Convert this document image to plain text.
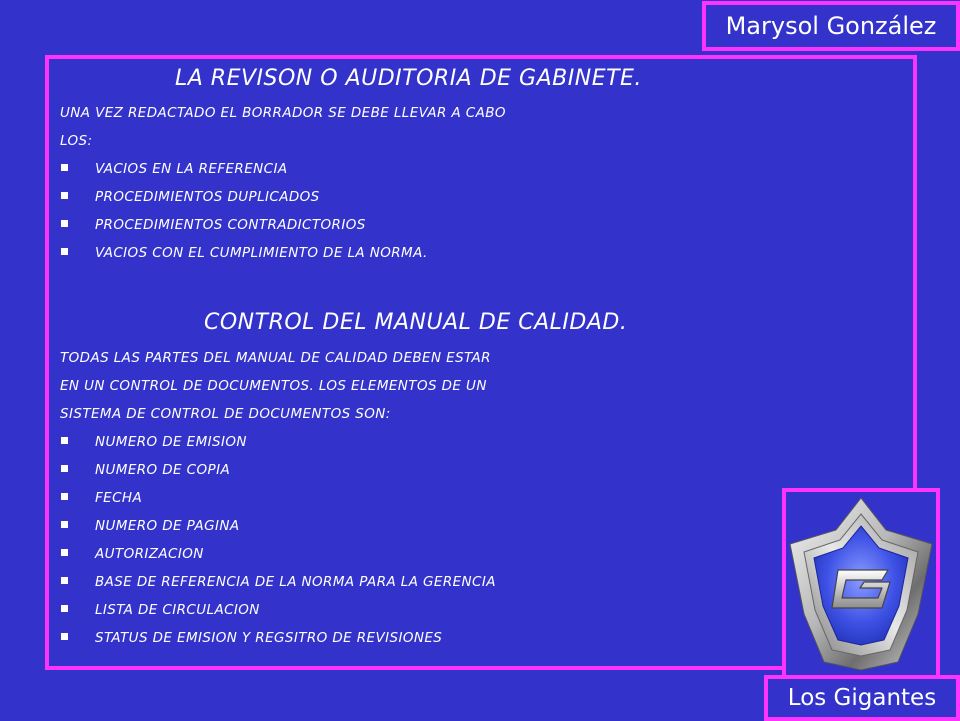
Marysol González
LA REVISON O AUDITORIA DE GABINETE.
UNA VEZ REDACTADO EL BORRADOR SE DEBE LLEVAR A CABO
LOS:
VACIOS EN LA REFERENCIA
PROCEDIMIENTOS DUPLICADOS
PROCEDIMIENTOS CONTRADICTORIOS
VACIOS CON EL CUMPLIMIENTO DE LA NORMA.
CONTROL DEL MANUAL DE CALIDAD.
TODAS LAS PARTES DEL MANUAL DE CALIDAD DEBEN ESTAR
EN UN CONTROL DE DOCUMENTOS. LOS ELEMENTOS DE UN
SISTEMA DE CONTROL DE DOCUMENTOS SON:
NUMERO DE EMISION
NUMERO DE COPIA
FECHA
NUMERO DE PAGINA
AUTORIZACION
BASE DE REFERENCIA DE LA NORMA PARA LA GERENCIA
LISTA DE CIRCULACION
STATUS DE EMISION Y REGSITRO DE REVISIONES
Los Gigantes
